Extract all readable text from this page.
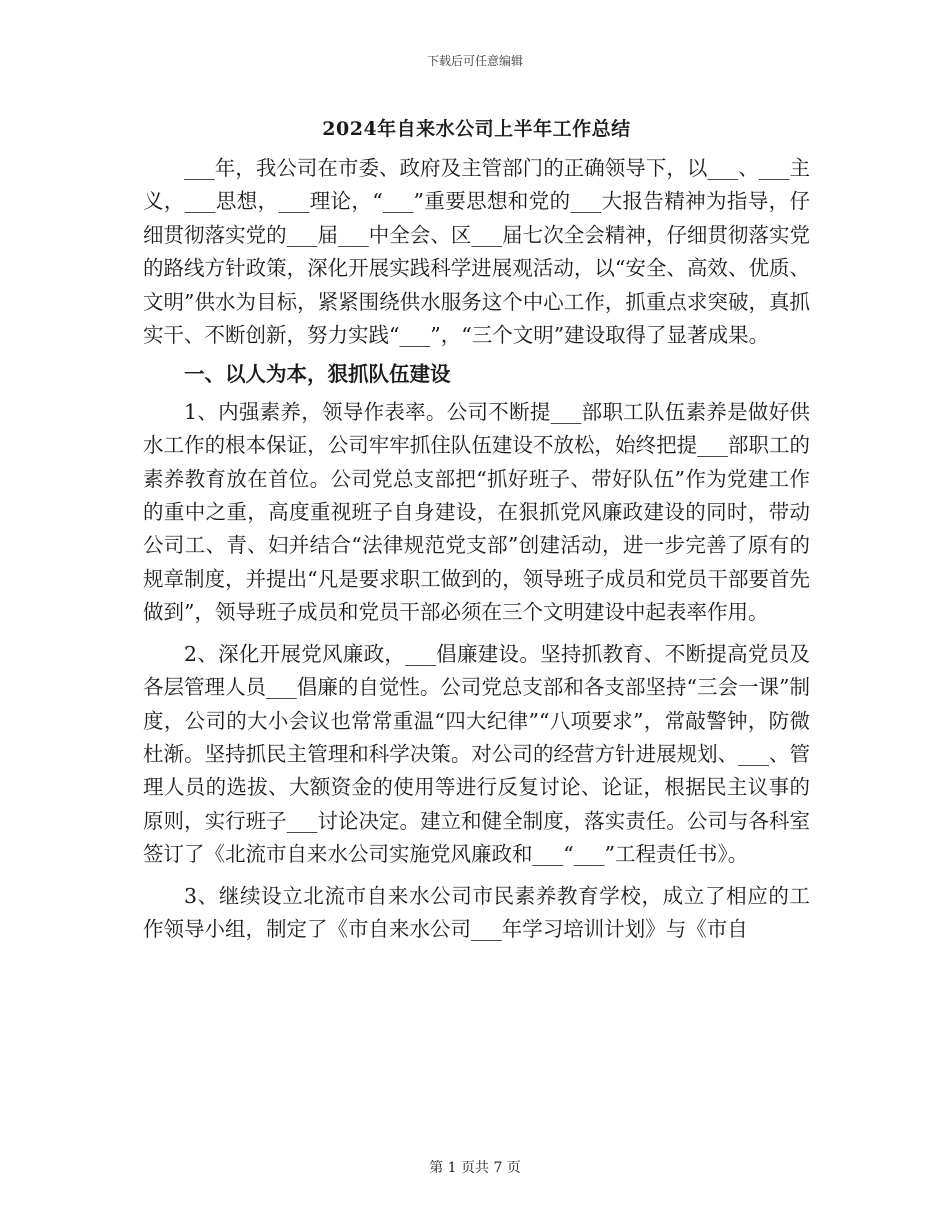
下载后可任意编辑
2024年自来水公司上半年工作总结

___年，我公司在市委、政府及主管部门的正确领导下，以___、___主义，___思想，___理论，“___”重要思想和党的___大报告精神为指导，仔细贯彻落实党的___届___中全会、区___届七次全会精神，仔细贯彻落实党的路线方针政策，深化开展实践科学进展观活动，以“安全、高效、优质、文明”供水为目标，紧紧围绕供水服务这个中心工作，抓重点求突破，真抓实干、不断创新，努力实践“___”，“三个文明”建设取得了显著成果。

一、以人为本，狠抓队伍建设

1、内强素养，领导作表率。公司不断提___部职工队伍素养是做好供水工作的根本保证，公司牢牢抓住队伍建设不放松，始终把提___部职工的素养教育放在首位。公司党总支部把“抓好班子、带好队伍”作为党建工作的重中之重，高度重视班子自身建设，在狠抓党风廉政建设的同时，带动公司工、青、妇并结合“法律规范党支部”创建活动，进一步完善了原有的规章制度，并提出“凡是要求职工做到的，领导班子成员和党员干部要首先做到”，领导班子成员和党员干部必须在三个文明建设中起表率作用。

2、深化开展党风廉政，___倡廉建设。坚持抓教育、不断提高党员及各层管理人员___倡廉的自觉性。公司党总支部和各支部坚持“三会一课”制度，公司的大小会议也常常重温“四大纪律”“八项要求”，常敲警钟，防微杜渐。坚持抓民主管理和科学决策。对公司的经营方针进展规划、___、管理人员的选拔、大额资金的使用等进行反复讨论、论证，根据民主议事的原则，实行班子___讨论决定。建立和健全制度，落实责任。公司与各科室签订了《北流市自来水公司实施党风廉政和___“___”工程责任书》。

3、继续设立北流市自来水公司市民素养教育学校，成立了相应的工作领导小组，制定了《市自来水公司___年学习培训计划》与《市自

第 1 页共 7 页
